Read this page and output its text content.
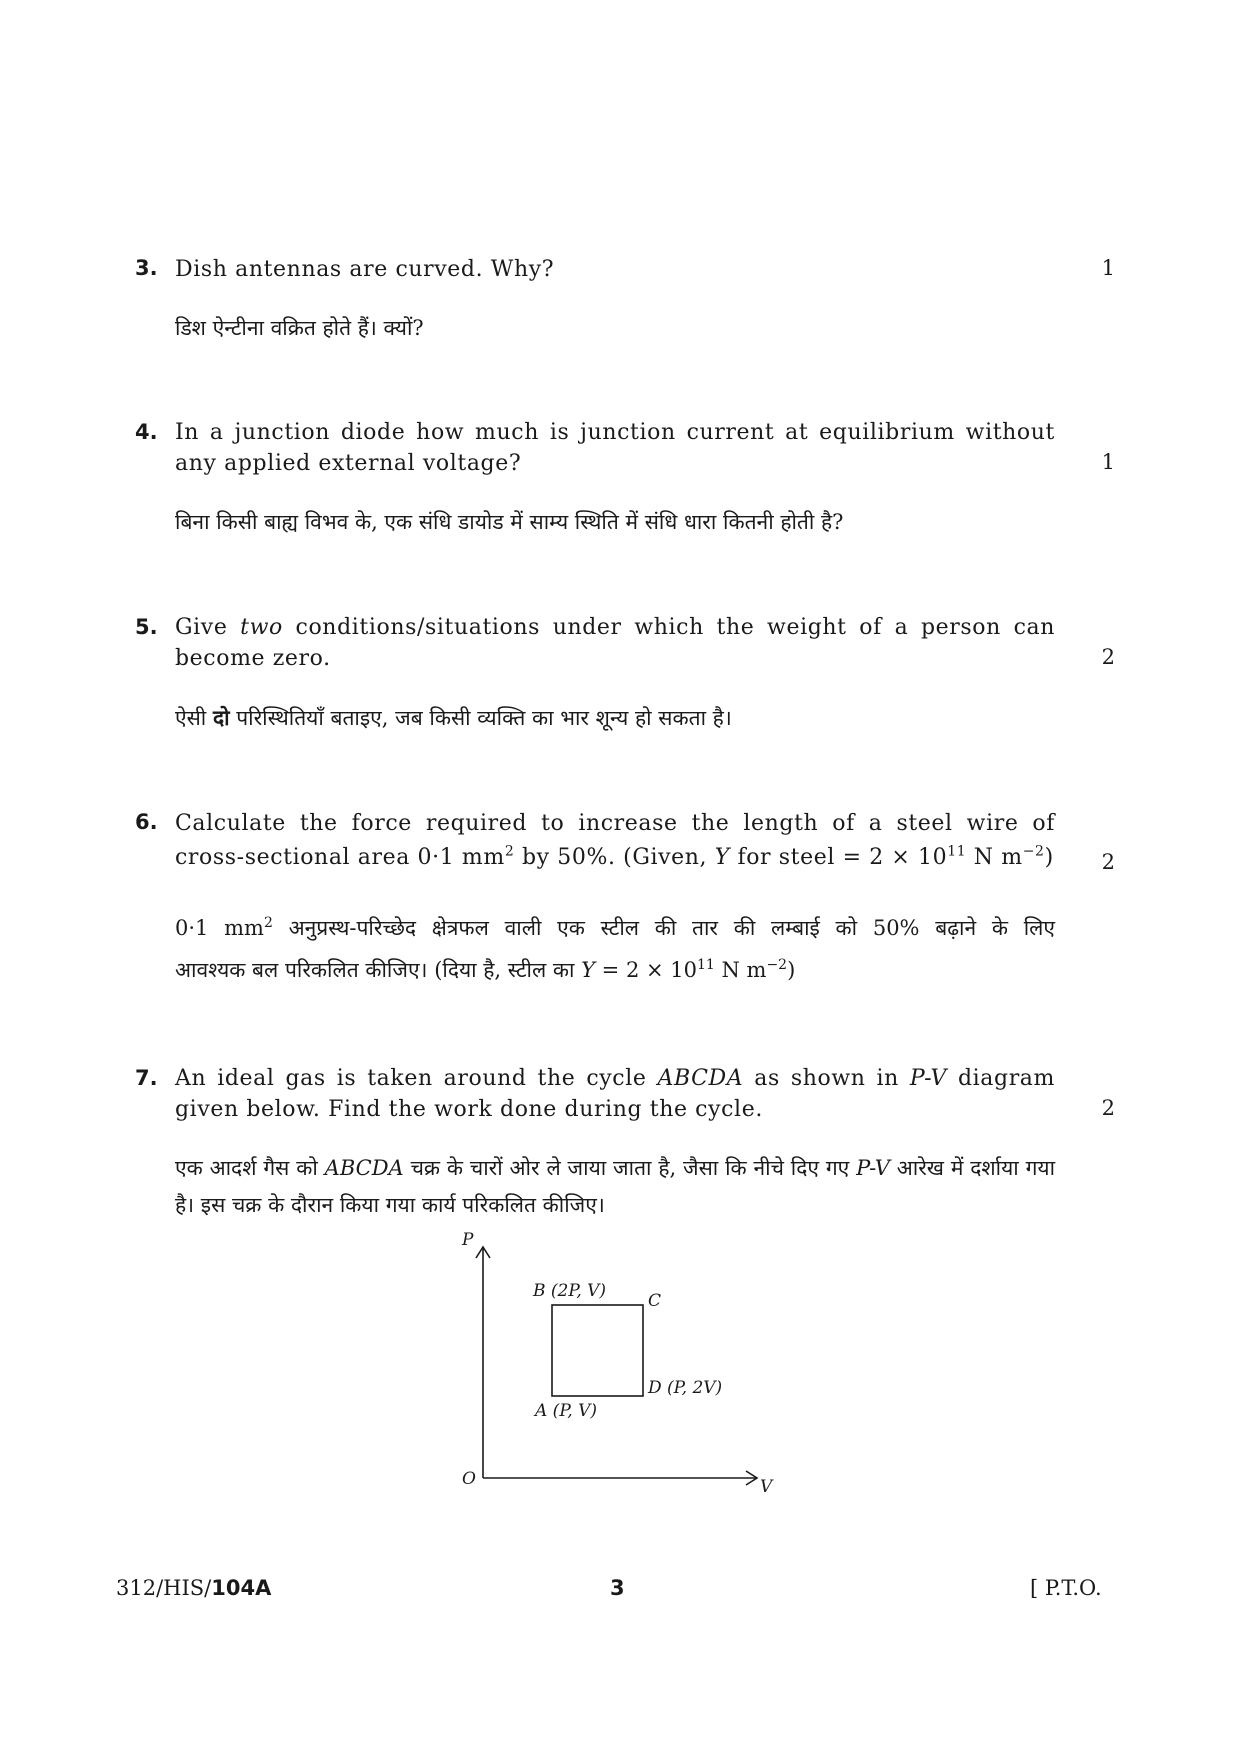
3. Dish antennas are curved. Why?	1
डिश ऐन्टीना वक्रित होते हैं। क्यों?
4. In a junction diode how much is junction current at equilibrium without any applied external voltage?	1
बिना किसी बाह्य विभव के, एक संधि डायोड में साम्य स्थिति में संधि धारा कितनी होती है?
5. Give two conditions/situations under which the weight of a person can become zero.	2
ऐसी दो परिस्थितियाँ बताइए, जब किसी व्यक्ति का भार शून्य हो सकता है।
6. Calculate the force required to increase the length of a steel wire of
cross-sectional area 0·1 $mm^2$ by 50%. (Given, Y for steel = $2 \times 10^{11}$ N $m^{-2}$)	2
0·1 $mm^2$ अनुप्रस्थ-परिच्छेद क्षेत्रफल वाली एक स्टील की तार की लम्बाई को 50% बढ़ाने के लिए
आवश्यक बल परिकलित कीजिए। (दिया है, स्टील का $Y = 2 \times 10^{11}$ N $m^{-2}$)
7. An ideal gas is taken around the cycle ABCDA as shown in P-V diagram given below. Find the work done during the cycle.	2
एक आदर्श गैस को ABCDA चक्र के चारों ओर ले जाया जाता है, जैसा कि नीचे दिए गए P-V आरेख में दर्शाया गया है। इस चक्र के दौरान किया गया कार्य परिकलित कीजिए।
P
V
O
B (2P, V) C
D (P, 2V)
A (P, V)
312/HIS/104A	3	[ P.T.O.
